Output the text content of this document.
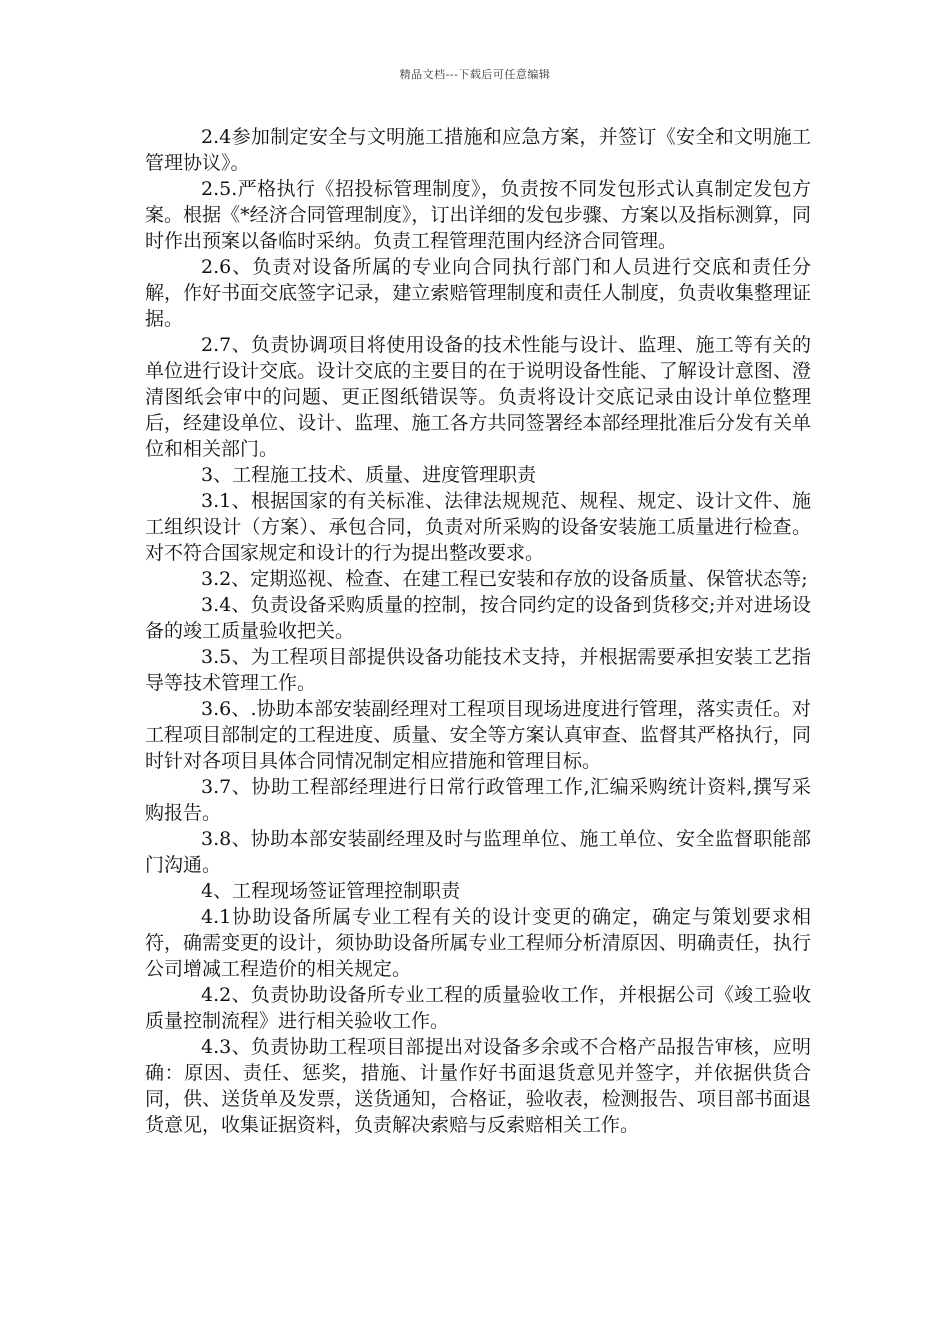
精品文档---下载后可任意编辑

2.4参加制定安全与文明施工措施和应急方案，并签订《安全和文明施工管理协议》。

2.5.严格执行《招投标管理制度》，负责按不同发包形式认真制定发包方案。根据《*经济合同管理制度》，订出详细的发包步骤、方案以及指标测算，同时作出预案以备临时采纳。负责工程管理范围内经济合同管理。

2.6、负责对设备所属的专业向合同执行部门和人员进行交底和责任分解，作好书面交底签字记录，建立索赔管理制度和责任人制度，负责收集整理证据。

2.7、负责协调项目将使用设备的技术性能与设计、监理、施工等有关的单位进行设计交底。设计交底的主要目的在于说明设备性能、了解设计意图、澄清图纸会审中的问题、更正图纸错误等。负责将设计交底记录由设计单位整理后，经建设单位、设计、监理、施工各方共同签署经本部经理批准后分发有关单位和相关部门。

3、工程施工技术、质量、进度管理职责

3.1、根据国家的有关标准、法律法规规范、规程、规定、设计文件、施工组织设计（方案）、承包合同，负责对所采购的设备安装施工质量进行检查。对不符合国家规定和设计的行为提出整改要求。

3.2、定期巡视、检查、在建工程已安装和存放的设备质量、保管状态等;

3.4、负责设备采购质量的控制，按合同约定的设备到货移交;并对进场设备的竣工质量验收把关。

3.5、为工程项目部提供设备功能技术支持，并根据需要承担安装工艺指导等技术管理工作。

3.6、.协助本部安装副经理对工程项目现场进度进行管理，落实责任。对工程项目部制定的工程进度、质量、安全等方案认真审查、监督其严格执行，同时针对各项目具体合同情况制定相应措施和管理目标。

3.7、协助工程部经理进行日常行政管理工作,汇编采购统计资料,撰写采购报告。

3.8、协助本部安装副经理及时与监理单位、施工单位、安全监督职能部门沟通。

4、工程现场签证管理控制职责

4.1协助设备所属专业工程有关的设计变更的确定，确定与策划要求相符，确需变更的设计，须协助设备所属专业工程师分析清原因、明确责任，执行公司增减工程造价的相关规定。

4.2、负责协助设备所专业工程的质量验收工作，并根据公司《竣工验收质量控制流程》进行相关验收工作。

4.3、负责协助工程项目部提出对设备多余或不合格产品报告审核，应明确：原因、责任、惩奖，措施、计量作好书面退货意见并签字，并依据供货合同，供、送货单及发票，送货通知，合格证，验收表，检测报告、项目部书面退货意见，收集证据资料，负责解决索赔与反索赔相关工作。
